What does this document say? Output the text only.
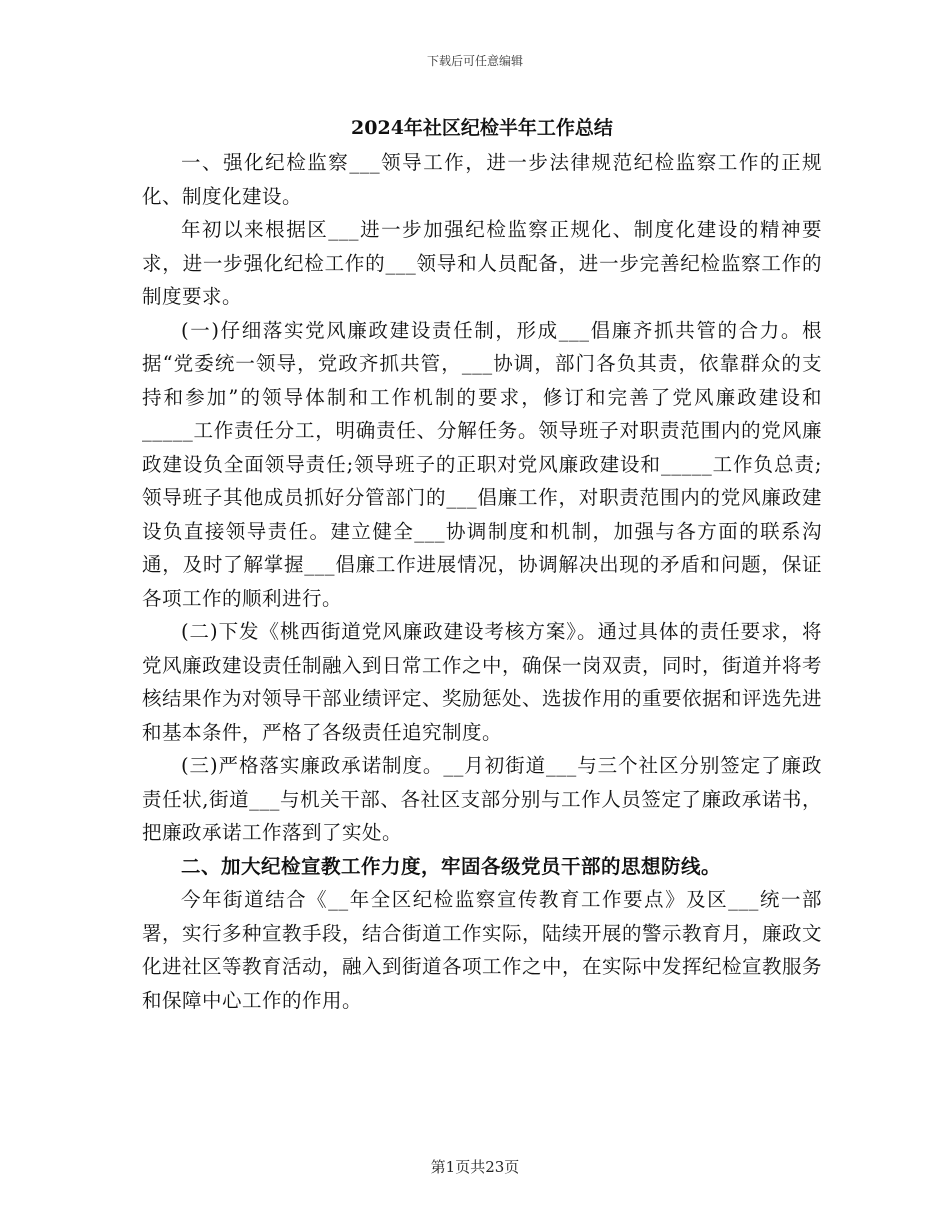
下载后可任意编辑
2024年社区纪检半年工作总结

一、强化纪检监察___领导工作，进一步法律规范纪检监察工作的正规化、制度化建设。

年初以来根据区___进一步加强纪检监察正规化、制度化建设的精神要求，进一步强化纪检工作的___领导和人员配备，进一步完善纪检监察工作的制度要求。

(一)仔细落实党风廉政建设责任制，形成___倡廉齐抓共管的合力。根据“党委统一领导，党政齐抓共管，___协调，部门各负其责，依靠群众的支持和参加”的领导体制和工作机制的要求，修订和完善了党风廉政建设和_____工作责任分工，明确责任、分解任务。领导班子对职责范围内的党风廉政建设负全面领导责任;领导班子的正职对党风廉政建设和_____工作负总责;领导班子其他成员抓好分管部门的___倡廉工作，对职责范围内的党风廉政建设负直接领导责任。建立健全___协调制度和机制，加强与各方面的联系沟通，及时了解掌握___倡廉工作进展情况，协调解决出现的矛盾和问题，保证各项工作的顺利进行。

(二)下发《桃西街道党风廉政建设考核方案》。通过具体的责任要求，将党风廉政建设责任制融入到日常工作之中，确保一岗双责，同时，街道并将考核结果作为对领导干部业绩评定、奖励惩处、选拔作用的重要依据和评选先进和基本条件，严格了各级责任追究制度。

(三)严格落实廉政承诺制度。__月初街道___与三个社区分别签定了廉政责任状,街道___与机关干部、各社区支部分别与工作人员签定了廉政承诺书，把廉政承诺工作落到了实处。

二、加大纪检宣教工作力度，牢固各级党员干部的思想防线。

今年街道结合《__年全区纪检监察宣传教育工作要点》及区___统一部署，实行多种宣教手段，结合街道工作实际，陆续开展的警示教育月，廉政文化进社区等教育活动，融入到街道各项工作之中，在实际中发挥纪检宣教服务和保障中心工作的作用。

第1页共23页
